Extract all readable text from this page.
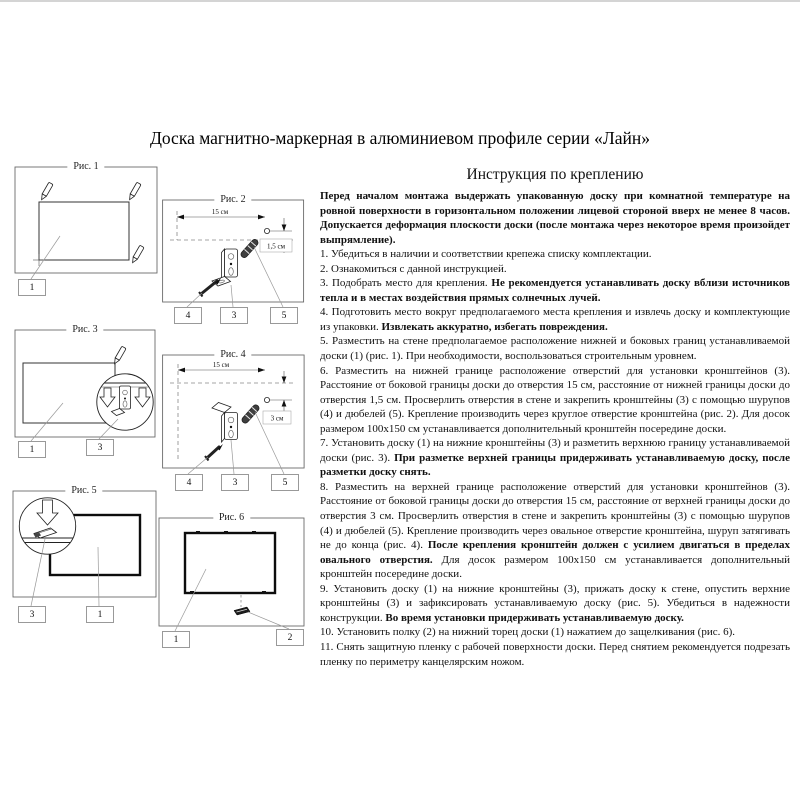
Доска магнитно-маркерная в алюминиевом профиле серии «Лайн»
Рис. 1
1
15 см
1,5 см
Рис. 2
4	3	5
Рис. 3
1	3
15 см
3 см
Рис. 4
4	3	5
Рис. 5
3	1
Рис. 6
1	2
Инструкция по креплению

Перед началом монтажа выдержать упакованную доску при комнатной температуре на ровной поверхности в горизонтальном положении лицевой стороной вверх не менее 8 часов. Допускается деформация плоскости доски (после монтажа через некоторое время произойдет выпрямление).

1. Убедиться в наличии и соответствии крепежа списку комплектации.

2. Ознакомиться с данной инструкцией.

3. Подобрать место для крепления. Не рекомендуется устанавливать доску вблизи источников тепла и в местах воздействия прямых солнечных лучей.

4. Подготовить место вокруг предполагаемого места крепления и извлечь доску и комплектующие из упаковки. Извлекать аккуратно, избегать повреждения.

5. Разместить на стене предполагаемое расположение нижней и боковых границ устанавливаемой доски (1) (рис. 1). При необходимости, воспользоваться строительным уровнем.

6. Разместить на нижней границе расположение отверстий для установки кронштейнов (3). Расстояние от боковой границы доски до отверстия 15 см, расстояние от нижней границы доски до отверстия 1,5 см. Просверлить отверстия в стене и закрепить кронштейны (3) с помощью шурупов (4) и дюбелей (5). Крепление производить через круглое отверстие кронштейна (рис. 2). Для досок размером 100x150 см устанавливается дополнительный кронштейн посередине доски.

7. Установить доску (1) на нижние кронштейны (3) и разметить верхнюю границу устанавливаемой доски (рис. 3). При разметке верхней границы придерживать устанавливаемую доску, после разметки доску снять.

8. Разместить на верхней границе расположение отверстий для установки кронштейнов (3). Расстояние от боковой границы доски до отверстия 15 см, расстояние от верхней границы доски до отверстия 3 см. Просверлить отверстия в стене и закрепить кронштейны (3) с помощью шурупов (4) и дюбелей (5). Крепление производить через овальное отверстие кронштейна, шуруп затягивать не до конца (рис. 4). После крепления кронштейн должен с усилием двигаться в пределах овального отверстия. Для досок размером 100x150 см устанавливается дополнительный кронштейн посередине доски.

9. Установить доску (1) на нижние кронштейны (3), прижать доску к стене, опустить верхние кронштейны (3) и зафиксировать устанавливаемую доску (рис. 5). Убедиться в надежности конструкции. Во время установки придерживать устанавливаемую доску.

10. Установить полку (2) на нижний торец доски (1) нажатием до защелкивания (рис. 6).

11. Снять защитную пленку с рабочей поверхности доски. Перед снятием рекомендуется подрезать пленку по периметру канцелярским ножом.
